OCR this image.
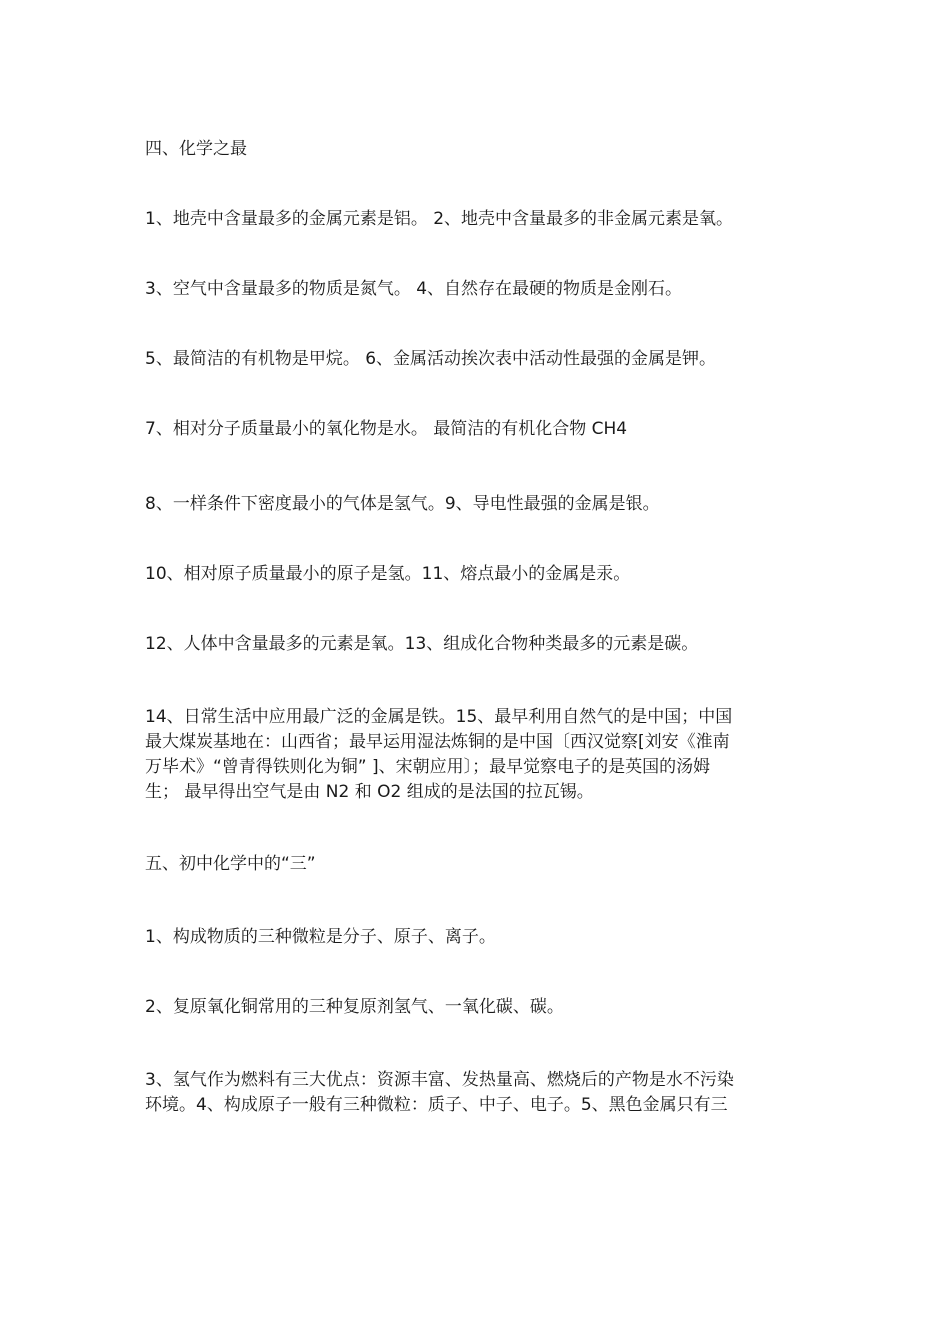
四、化学之最
1、地壳中含量最多的金属元素是铝。 2、地壳中含量最多的非金属元素是氧。
3、空气中含量最多的物质是氮气。 4、自然存在最硬的物质是金刚石。
5、最简洁的有机物是甲烷。 6、金属活动挨次表中活动性最强的金属是钾。
7、相对分子质量最小的氧化物是水。 最简洁的有机化合物 CH4
8、一样条件下密度最小的气体是氢气。9、导电性最强的金属是银。
10、相对原子质量最小的原子是氢。11、熔点最小的金属是汞。
12、人体中含量最多的元素是氧。13、组成化合物种类最多的元素是碳。
14、日常生活中应用最广泛的金属是铁。15、最早利用自然气的是中国；中国
最大煤炭基地在：山西省；最早运用湿法炼铜的是中国〔西汉觉察[刘安《淮南
万毕术》“曾青得铁则化为铜” ]、宋朝应用〕；最早觉察电子的是英国的汤姆
生； 最早得出空气是由 N2 和 O2 组成的是法国的拉瓦锡。
五、初中化学中的“三”
1、构成物质的三种微粒是分子、原子、离子。
2、复原氧化铜常用的三种复原剂氢气、一氧化碳、碳。
3、氢气作为燃料有三大优点：资源丰富、发热量高、燃烧后的产物是水不污染
环境。4、构成原子一般有三种微粒：质子、中子、电子。5、黑色金属只有三
